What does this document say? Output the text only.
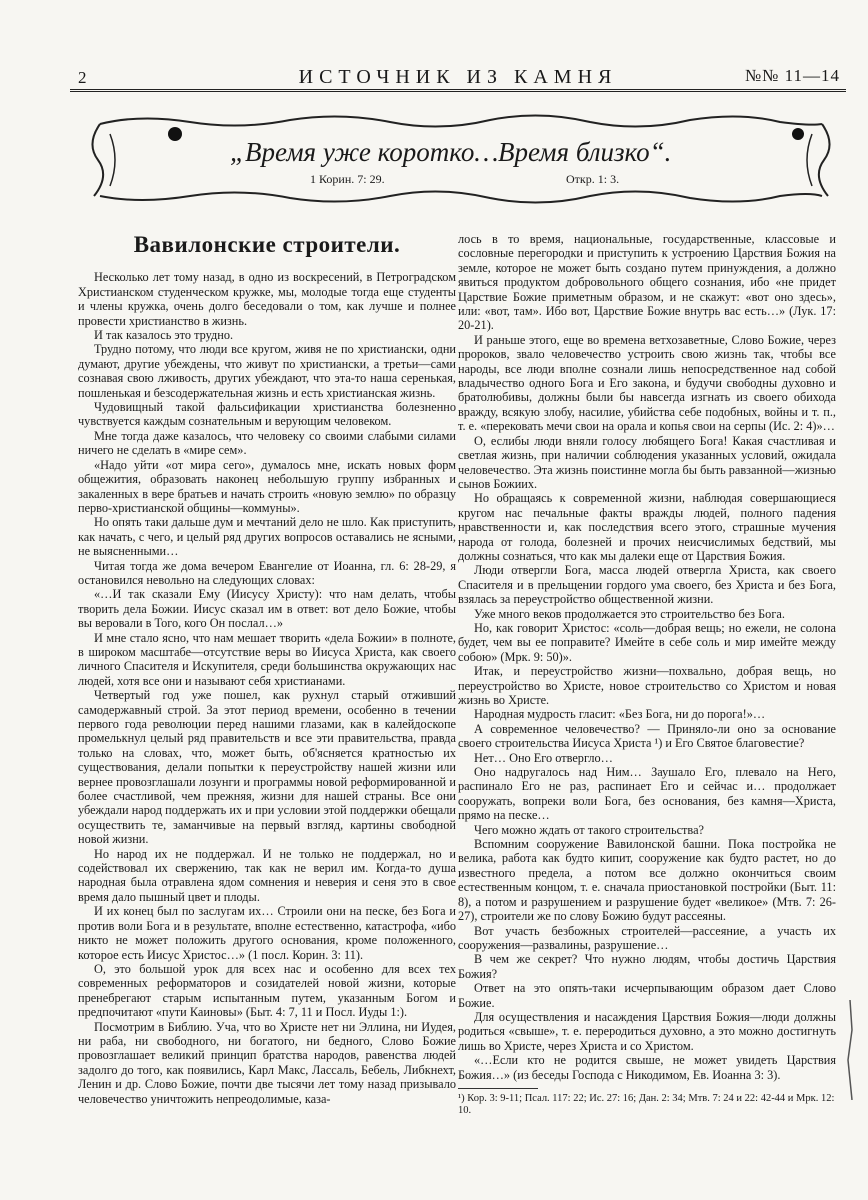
2	ИСТОЧНИК ИЗ КАМНЯ	№№ 11—14
„Время уже коротко… Время близко“.
1 Корин. 7: 29.	Откр. 1: 3.
Вавилонские строители.

Несколько лет тому назад, в одно из воскресений, в Петроградском Христианском студенческом кружке, мы, молодые тогда еще студенты и члены кружка, очень долго беседовали о том, как лучше и полнее провести христианство в жизнь.

И так казалось это трудно.

Трудно потому, что люди все кругом, живя не по христиански, одни думают, другие убеждены, что живут по христиански, а третьи—сами сознавая свою лживость, других убеждают, что эта-то наша серенькая, пошленькая и безсодержательная жизнь и есть христианская жизнь.

Чудовищный такой фальсификации христианства болезненно чувствуется каждым сознательным и верующим человеком.

Мне тогда даже казалось, что человеку со своими слабыми силами ничего не сделать в «мире сем».

«Надо уйти «от мира сего», думалось мне, искать новых форм общежития, образовать наконец небольшую группу избранных и закаленных в вере братьев и начать строить «новую землю» по образцу перво-христианской общины—коммуны».

Но опять таки дальше дум и мечтаний дело не шло. Как приступить, как начать, с чего, и целый ряд других вопросов оставались не ясными, не выясненными…

Читая тогда же дома вечером Евангелие от Иоанна, гл. 6: 28-29, я остановился невольно на следующих словах:

«…И так сказали Ему (Иисусу Христу): что нам делать, чтобы творить дела Божии. Иисус сказал им в ответ: вот дело Божие, чтобы вы веровали в Того, кого Он послал…»

И мне стало ясно, что нам мешает творить «дела Божии» в полноте, в широком масштабе—отсутствие веры во Иисуса Христа, как своего личного Спасителя и Искупителя, среди большинства окружающих нас людей, хотя все они и называют себя христианами.

Четвертый год уже пошел, как рухнул старый отживший самодержавный строй. За этот период времени, особенно в течении первого года революции перед нашими глазами, как в калейдоскопе промелькнул целый ряд правительств и все эти правительства, правда только на словах, что, может быть, об'ясняется кратностью их существования, делали попытки к переустройству нашей жизни или вернее провозглашали лозунги и программы новой реформированной и более счастливой, чем прежняя, жизни для нашей страны. Все они убеждали народ поддержать их и при условии этой поддержки обещали осуществить те, заманчивые на первый взгляд, картины свободной новой жизни.

Но народ их не поддержал. И не только не поддержал, но и содействовал их свержению, так как не верил им. Когда-то душа народная была отравлена ядом сомнения и неверия и сеня это в свое время дало пышный цвет и плоды.

И их конец был по заслугам их… Строили они на песке, без Бога и против воли Бога и в результате, вполне естественно, катастрофа, «ибо никто не может положить другого основания, кроме положенного, которое есть Иисус Христос…» (1 посл. Корин. 3: 11).

О, это большой урок для всех нас и особенно для всех тех современных реформаторов и созидателей новой жизни, которые пренебрегают старым испытанным путем, указанным Богом и предпочитают «пути Каиновы» (Быт. 4: 7, 11 и Посл. Иуды 1:).

Посмотрим в Библию. Уча, что во Христе нет ни Эллина, ни Иудея, ни раба, ни свободного, ни богатого, ни бедного, Слово Божие провозглашает великий принцип братства народов, равенства людей задолго до того, как появились, Карл Макс, Лассаль, Бебель, Либкнехт, Ленин и др. Слово Божие, почти две тысячи лет тому назад призывало человечество уничтожить непреодолимые, каза-

лось в то время, национальные, государственные, классовые и сословные перегородки и приступить к устроению Царствия Божия на земле, которое не может быть создано путем принуждения, а должно явиться продуктом добровольного общего сознания, ибо «не придет Царствие Божие приметным образом, и не скажут: «вот оно здесь», или: «вот, там». Ибо вот, Царствие Божие внутрь вас есть…» (Лук. 17: 20-21).

И раньше этого, еще во времена ветхозаветные, Слово Божие, через пророков, звало человечество устроить свою жизнь так, чтобы все народы, все люди вполне сознали лишь непосредственное над собой владычество одного Бога и Его закона, и будучи свободны духовно и братолюбивы, должны были бы навсегда изгнать из своего обихода вражду, всякую злобу, насилие, убийства себе подобных, войны и т. п., т. е. «перековать мечи свои на орала и копья свои на серпы (Ис. 2: 4)»…

О, еслибы люди вняли голосу любящего Бога! Какая счастливая и светлая жизнь, при наличии соблюдения указанных условий, ожидала человечество. Эта жизнь поистинне могла бы быть равзанной—жизнью сынов Божиих.

Но обращаясь к современной жизни, наблюдая совершающиеся кругом нас печальные факты вражды людей, полного падения нравственности и, как последствия всего этого, страшные мучения народа от голода, болезней и прочих неисчислимых бедствий, мы должны сознаться, что как мы далеки еще от Царствия Божия.

Люди отвергли Бога, масса людей отвергла Христа, как своего Спасителя и в прельщении гордого ума своего, без Христа и без Бога, взялась за переустройство общественной жизни.

Уже много веков продолжается это строительство без Бога.

Но, как говорит Христос: «соль—добрая вещь; но ежели, не солона будет, чем вы ее поправите? Имейте в себе соль и мир имейте между собою» (Мрк. 9: 50)».

Итак, и переустройство жизни—похвально, добрая вещь, но переустройство во Христе, новое строительство со Христом и новая жизнь во Христе.

Народная мудрость гласит: «Без Бога, ни до порога!»…

А современное человечество? — Приняло-ли оно за основание своего строительства Иисуса Христа ¹) и Его Святое благовестие?

Нет… Оно Его отвергло…

Оно надругалось над Ним… Заушало Его, плевало на Него, распинало Его не раз, распинает Его и сейчас и… продолжает сооружать, вопреки воли Бога, без основания, без камня—Христа, прямо на песке…

Чего можно ждать от такого строительства?

Вспомним сооружение Вавилонской башни. Пока постройка не велика, работа как будто кипит, сооружение как будто растет, но до известного предела, а потом все должно окончиться своим естественным концом, т. е. сначала приостановкой постройки (Быт. 11: 8), а потом и разрушением и разрушение будет «великое» (Мтв. 7: 26-27), строители же по слову Божию будут рассеяны.

Вот участь безбожных строителей—рассеяние, а участь их сооружения—развалины, разрушение…

В чем же секрет? Что нужно людям, чтобы достичь Царствия Божия?

Ответ на это опять-таки исчерпывающим образом дает Слово Божие.

Для осуществления и насаждения Царствия Божия—люди должны родиться «свыше», т. е. переродиться духовно, а это можно достигнуть лишь во Христе, через Христа и со Христом.

«…Если кто не родится свыше, не может увидеть Царствия Божия…» (из беседы Господа с Никодимом, Ев. Иоанна 3: 3).

¹) Кор. 3: 9-11; Псал. 117: 22; Ис. 27: 16; Дан. 2: 34; Мтв. 7: 24 и 22: 42-44 и Мрк. 12: 10.
